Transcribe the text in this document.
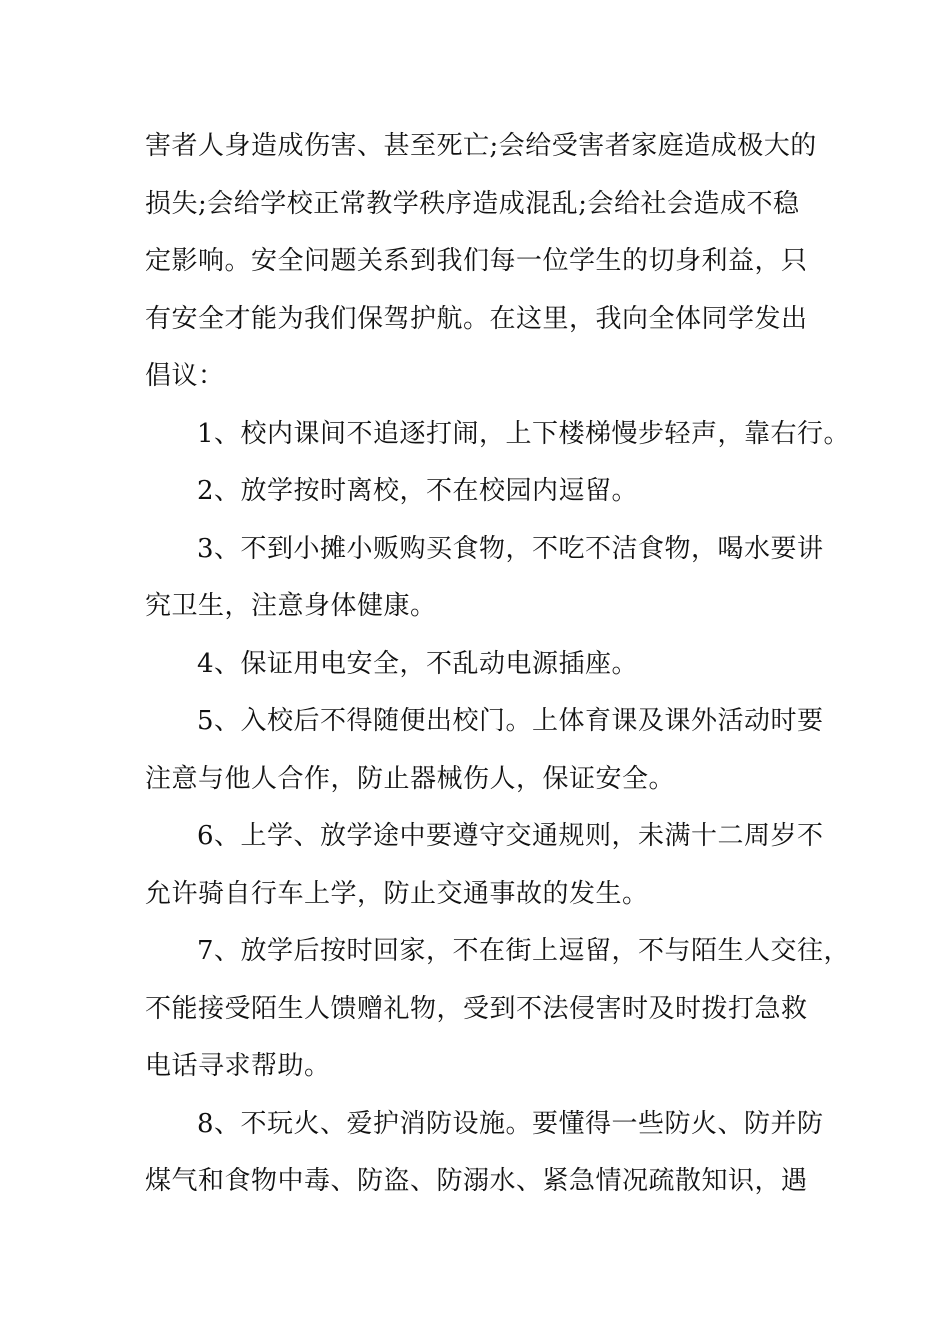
害者人身造成伤害、甚至死亡;会给受害者家庭造成极大的
损失;会给学校正常教学秩序造成混乱;会给社会造成不稳
定影响。安全问题关系到我们每一位学生的切身利益，只
有安全才能为我们保驾护航。在这里，我向全体同学发出
倡议：
1、校内课间不追逐打闹，上下楼梯慢步轻声，靠右行。
2、放学按时离校，不在校园内逗留。
3、不到小摊小贩购买食物，不吃不洁食物，喝水要讲
究卫生，注意身体健康。
4、保证用电安全，不乱动电源插座。
5、入校后不得随便出校门。上体育课及课外活动时要
注意与他人合作，防止器械伤人，保证安全。
6、上学、放学途中要遵守交通规则，未满十二周岁不
允许骑自行车上学，防止交通事故的发生。
7、放学后按时回家，不在街上逗留，不与陌生人交往，
不能接受陌生人馈赠礼物，受到不法侵害时及时拨打急救
电话寻求帮助。
8、不玩火、爱护消防设施。要懂得一些防火、防并防
煤气和食物中毒、防盗、防溺水、紧急情况疏散知识，遇
